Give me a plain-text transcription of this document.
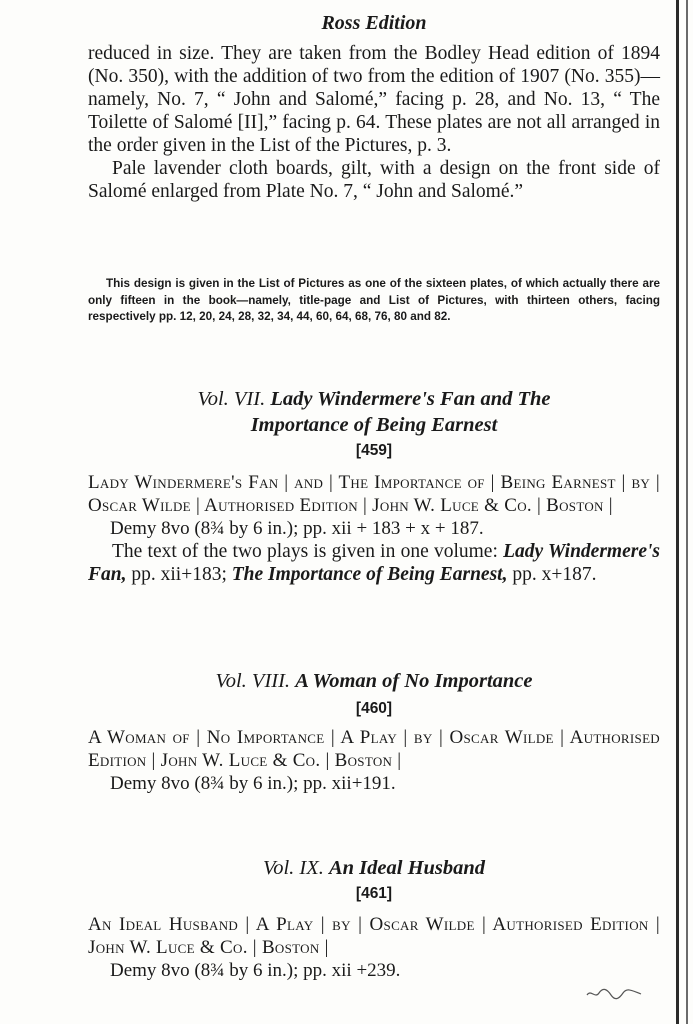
Ross Edition

reduced in size. They are taken from the Bodley Head edition of 1894 (No. 350), with the addition of two from the edition of 1907 (No. 355)—namely, No. 7, “ John and Salomé,” facing p. 28, and No. 13, “ The Toilette of Salomé [II],” facing p. 64. These plates are not all arranged in the order given in the List of the Pictures, p. 3.

Pale lavender cloth boards, gilt, with a design on the front side of Salomé enlarged from Plate No. 7, “ John and Salomé.”

This design is given in the List of Pictures as one of the sixteen plates, of which actually there are only fifteen in the book—namely, title-page and List of Pictures, with thirteen others, facing respectively pp. 12, 20, 24, 28, 32, 34, 44, 60, 64, 68, 76, 80 and 82.

Vol. VII. Lady Windermere's Fan and The
Importance of Being Earnest
[459]

Lady Windermere's Fan | and | The Importance of | Being Earnest | by | Oscar Wilde | Authorised Edition | John W. Luce & Co. | Boston |

Demy 8vo (8¾ by 6 in.); pp. xii + 183 + x + 187.

The text of the two plays is given in one volume: Lady Windermere's Fan, pp. xii+183; The Importance of Being Earnest, pp. x+187.

Vol. VIII. A Woman of No Importance
[460]

A Woman of | No Importance | A Play | by | Oscar Wilde | Authorised Edition | John W. Luce & Co. | Boston |

Demy 8vo (8¾ by 6 in.); pp. xii+191.

Vol. IX. An Ideal Husband
[461]

An Ideal Husband | A Play | by | Oscar Wilde | Authorised Edition | John W. Luce & Co. | Boston |

Demy 8vo (8¾ by 6 in.); pp. xii +239.
